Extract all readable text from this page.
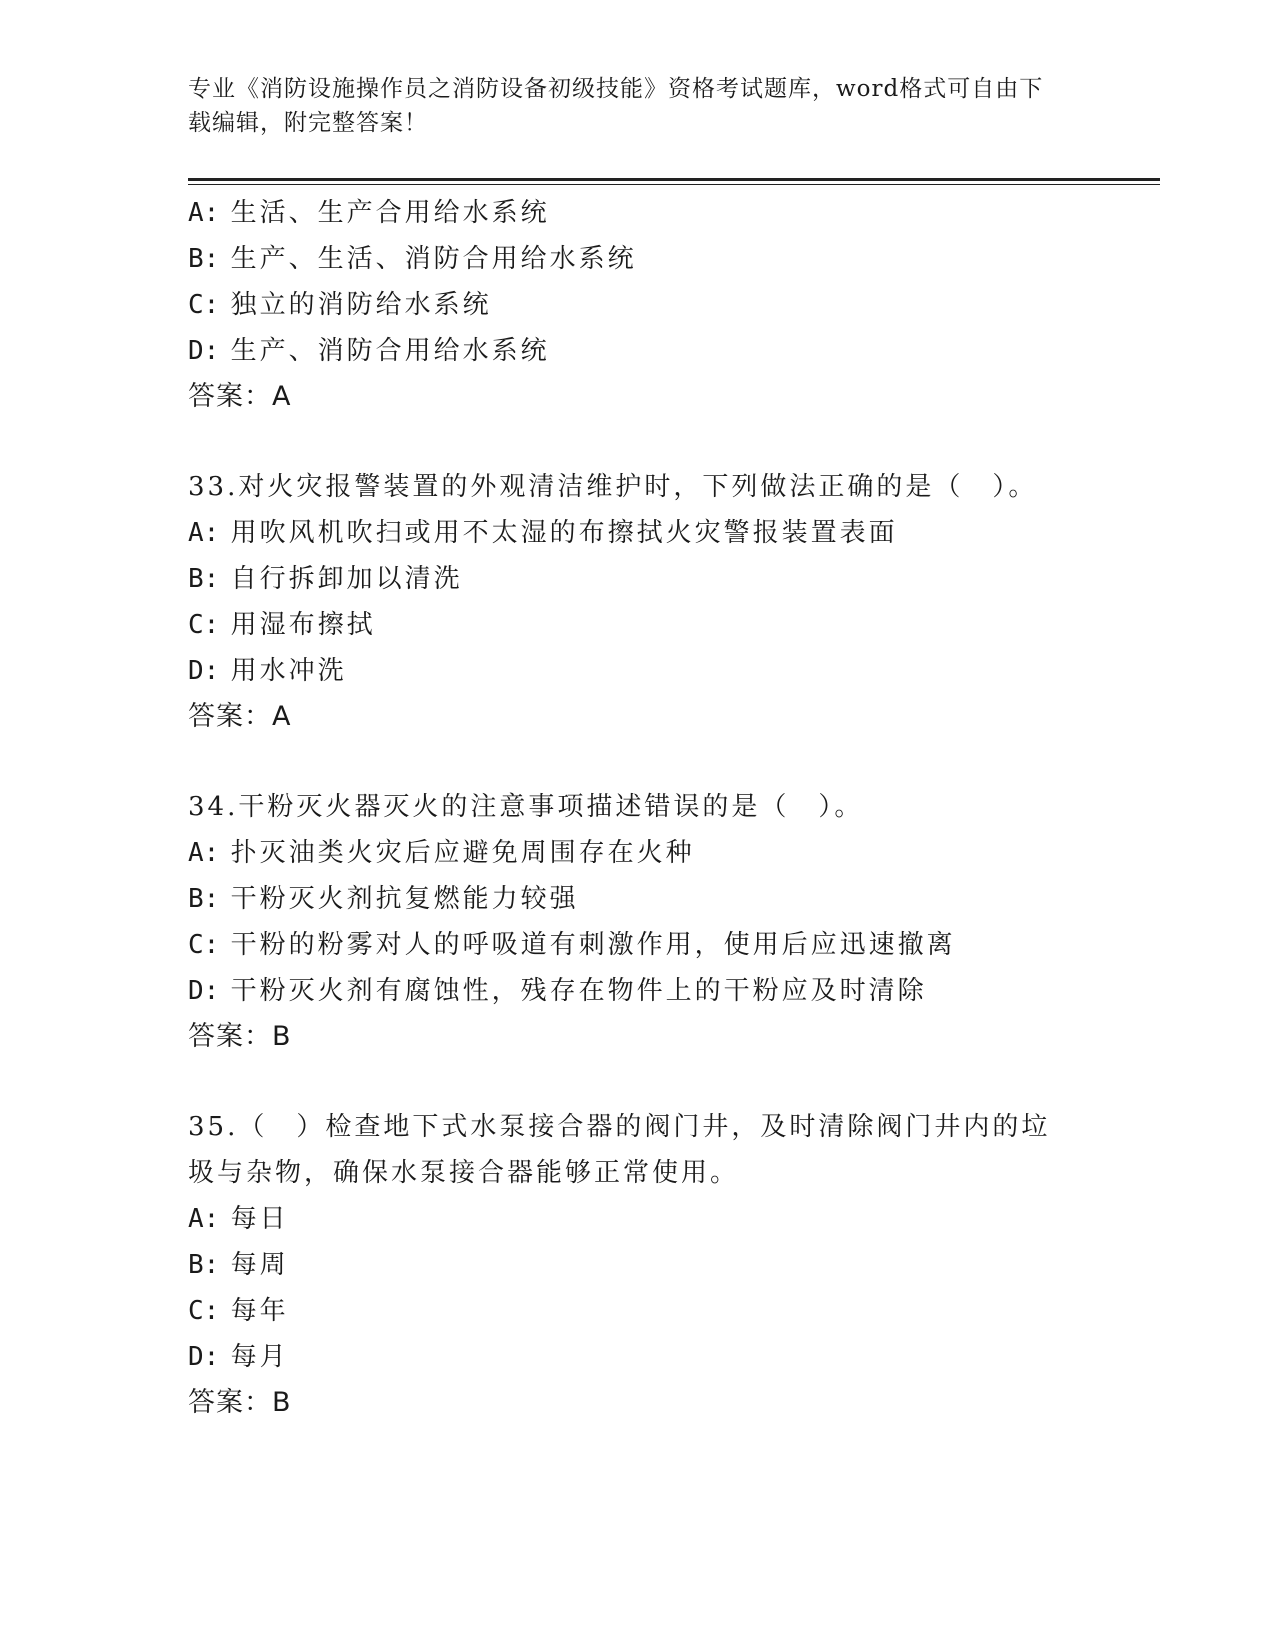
专业《消防设施操作员之消防设备初级技能》资格考试题库，word格式可自由下
载编辑，附完整答案！
A: 生活、生产合用给水系统
B: 生产、生活、消防合用给水系统
C: 独立的消防给水系统
D: 生产、消防合用给水系统
答案：A
33.对火灾报警装置的外观清洁维护时，下列做法正确的是（　）。
A: 用吹风机吹扫或用不太湿的布擦拭火灾警报装置表面
B: 自行拆卸加以清洗
C: 用湿布擦拭
D: 用水冲洗
答案：A
34.干粉灭火器灭火的注意事项描述错误的是（　）。
A: 扑灭油类火灾后应避免周围存在火种
B: 干粉灭火剂抗复燃能力较强
C: 干粉的粉雾对人的呼吸道有刺激作用，使用后应迅速撤离
D: 干粉灭火剂有腐蚀性，残存在物件上的干粉应及时清除
答案：B
35.（　）检查地下式水泵接合器的阀门井，及时清除阀门井内的垃圾与杂物，确保水泵接合器能够正常使用。
A: 每日
B: 每周
C: 每年
D: 每月
答案：B
